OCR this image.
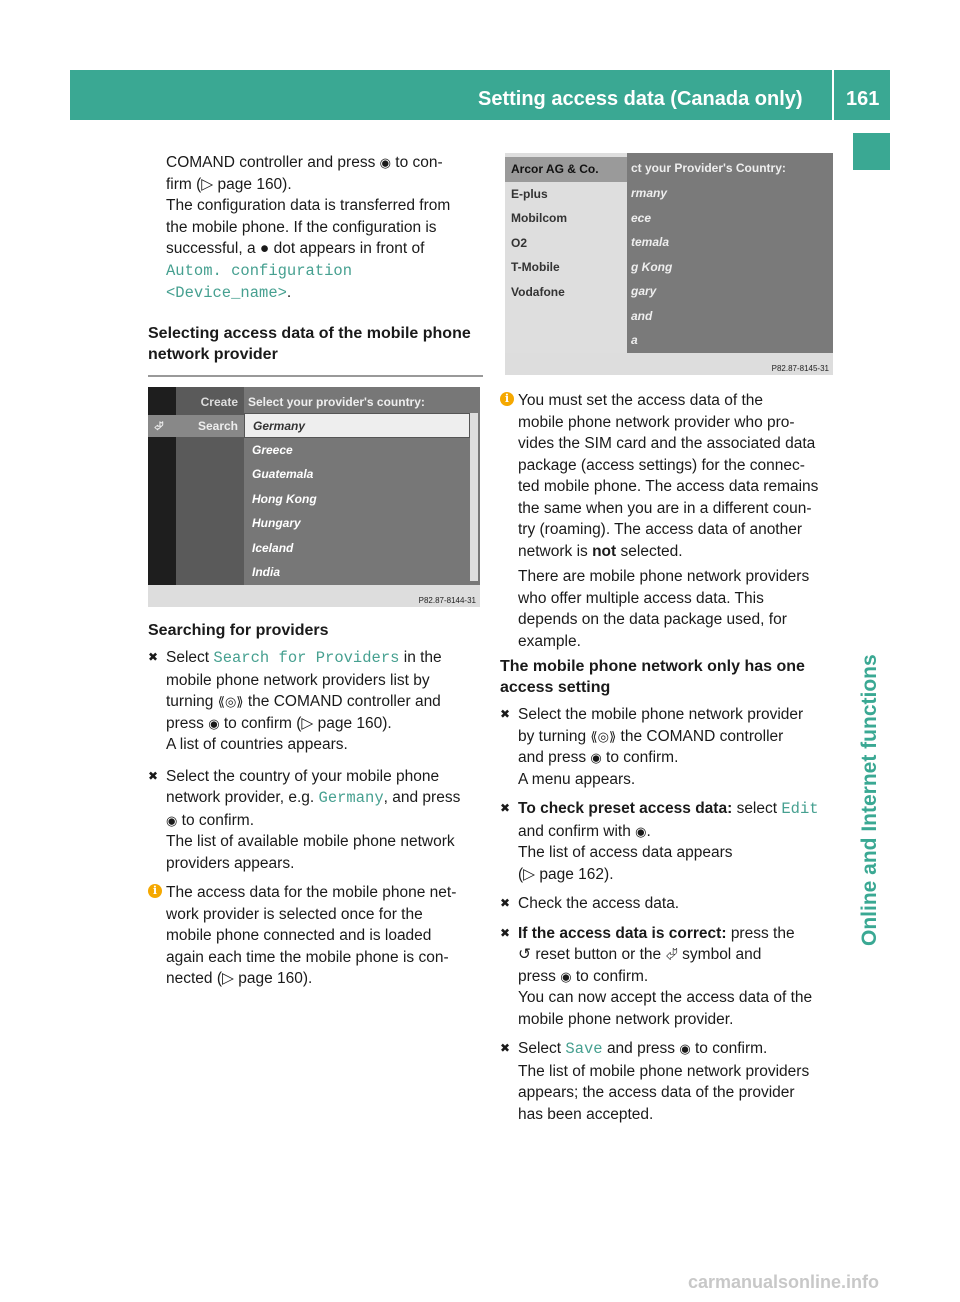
Setting access data (Canada only) 161
Online and Internet functions

COMAND controller and press ◉ to con-

firm (▷ page 160).

The configuration data is transferred from

the mobile phone. If the configuration is

successful, a ● dot appears in front of

Autom. configuration

<Device_name>.

Selecting access data of the mobile phone network provider
Create
⮰	Search
Select your provider's country:
Germany
Greece
Guatemala
Hong Kong
Hungary
Iceland
India
P82.87-8144-31
Searching for providers

✖ Select Search for Providers in the

mobile phone network providers list by

turning ⟪◎⟫ the COMAND controller and

press ◉ to confirm (▷ page 160).

A list of countries appears.

✖ Select the country of your mobile phone

network provider, e.g. Germany, and press

◉ to confirm.

The list of available mobile phone network

providers appears.

i The access data for the mobile phone net-

work provider is selected once for the

mobile phone connected and is loaded

again each time the mobile phone is con-

nected (▷ page 160).

Arcor AG & Co.
E-plus
Mobilcom
O2
T-Mobile
Vodafone
ct your Provider's Country:
rmany
ece
temala
g Kong
gary
and
a
P82.87-8145-31
i You must set the access data of the

mobile phone network provider who pro-

vides the SIM card and the associated data

package (access settings) for the connec-

ted mobile phone. The access data remains

the same when you are in a different coun-

try (roaming). The access data of another

network is not selected.

There are mobile phone network providers

who offer multiple access data. This

depends on the data package used, for

example.

The mobile phone network only has one access setting

✖ Select the mobile phone network provider

by turning ⟪◎⟫ the COMAND controller

and press ◉ to confirm.

A menu appears.

✖ To check preset access data: select Edit

and confirm with ◉.

The list of access data appears

(▷ page 162).

✖ Check the access data.

✖ If the access data is correct: press the

↺ reset button or the ⮰ symbol and

press ◉ to confirm.

You can now accept the access data of the

mobile phone network provider.

✖ Select Save and press ◉ to confirm.

The list of mobile phone network providers

appears; the access data of the provider

has been accepted.

carmanualsonline.info
